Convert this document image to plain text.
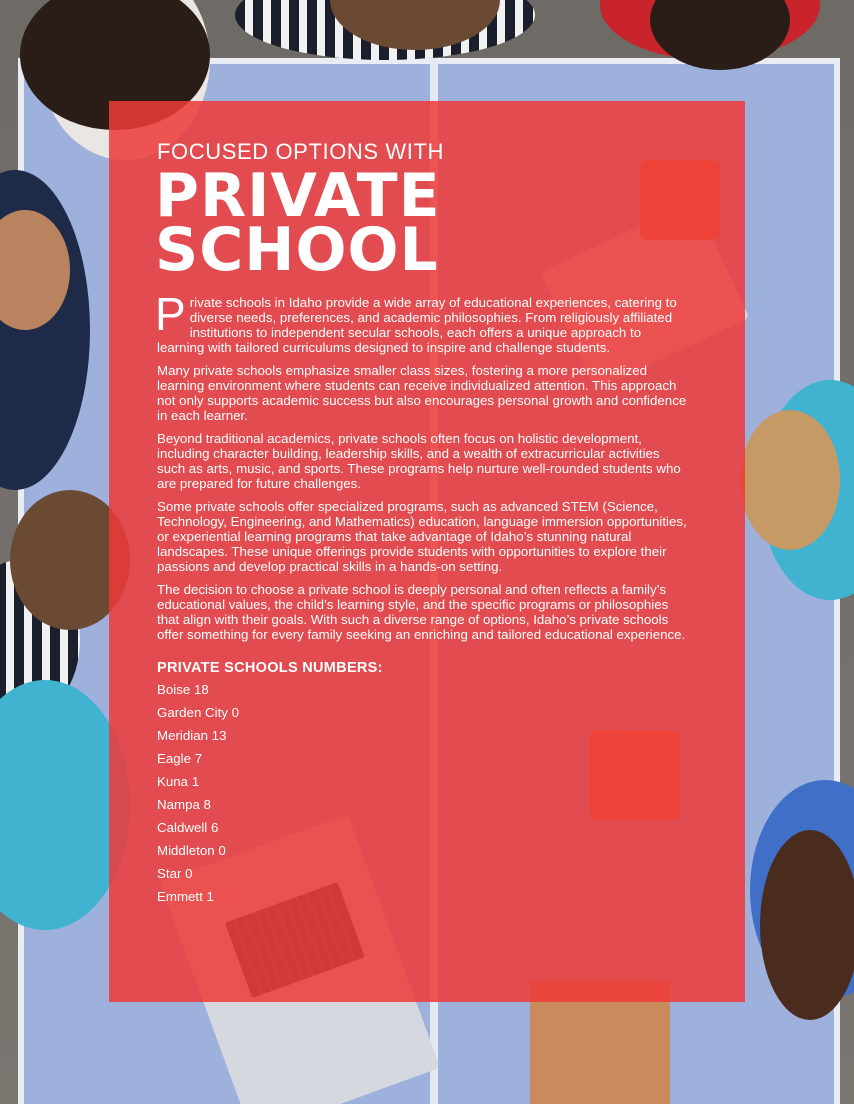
FOCUSED OPTIONS WITH
PRIVATE
SCHOOL

Private schools in Idaho provide a wide array of educational experiences, catering to diverse needs, preferences, and academic philosophies. From religiously affiliated institutions to independent secular schools, each offers a unique approach to learning with tailored curriculums designed to inspire and challenge students.

Many private schools emphasize smaller class sizes, fostering a more personalized learning environment where students can receive individualized attention. This approach not only supports academic success but also encourages personal growth and confidence in each learner.

Beyond traditional academics, private schools often focus on holistic development, including character building, leadership skills, and a wealth of extracurricular activities such as arts, music, and sports. These programs help nurture well-rounded students who are prepared for future challenges.

Some private schools offer specialized programs, such as advanced STEM (Science, Technology, Engineering, and Mathematics) education, language immersion opportunities, or experiential learning programs that take advantage of Idaho’s stunning natural landscapes. These unique offerings provide students with opportunities to explore their passions and develop practical skills in a hands-on setting.

The decision to choose a private school is deeply personal and often reflects a family’s educational values, the child’s learning style, and the specific programs or philosophies that align with their goals. With such a diverse range of options, Idaho’s private schools offer something for every family seeking an enriching and tailored educational experience.

PRIVATE SCHOOLS NUMBERS:
Boise 18
Garden City 0
Meridian 13
Eagle 7
Kuna 1
Nampa 8
Caldwell 6
Middleton 0
Star 0
Emmett 1
